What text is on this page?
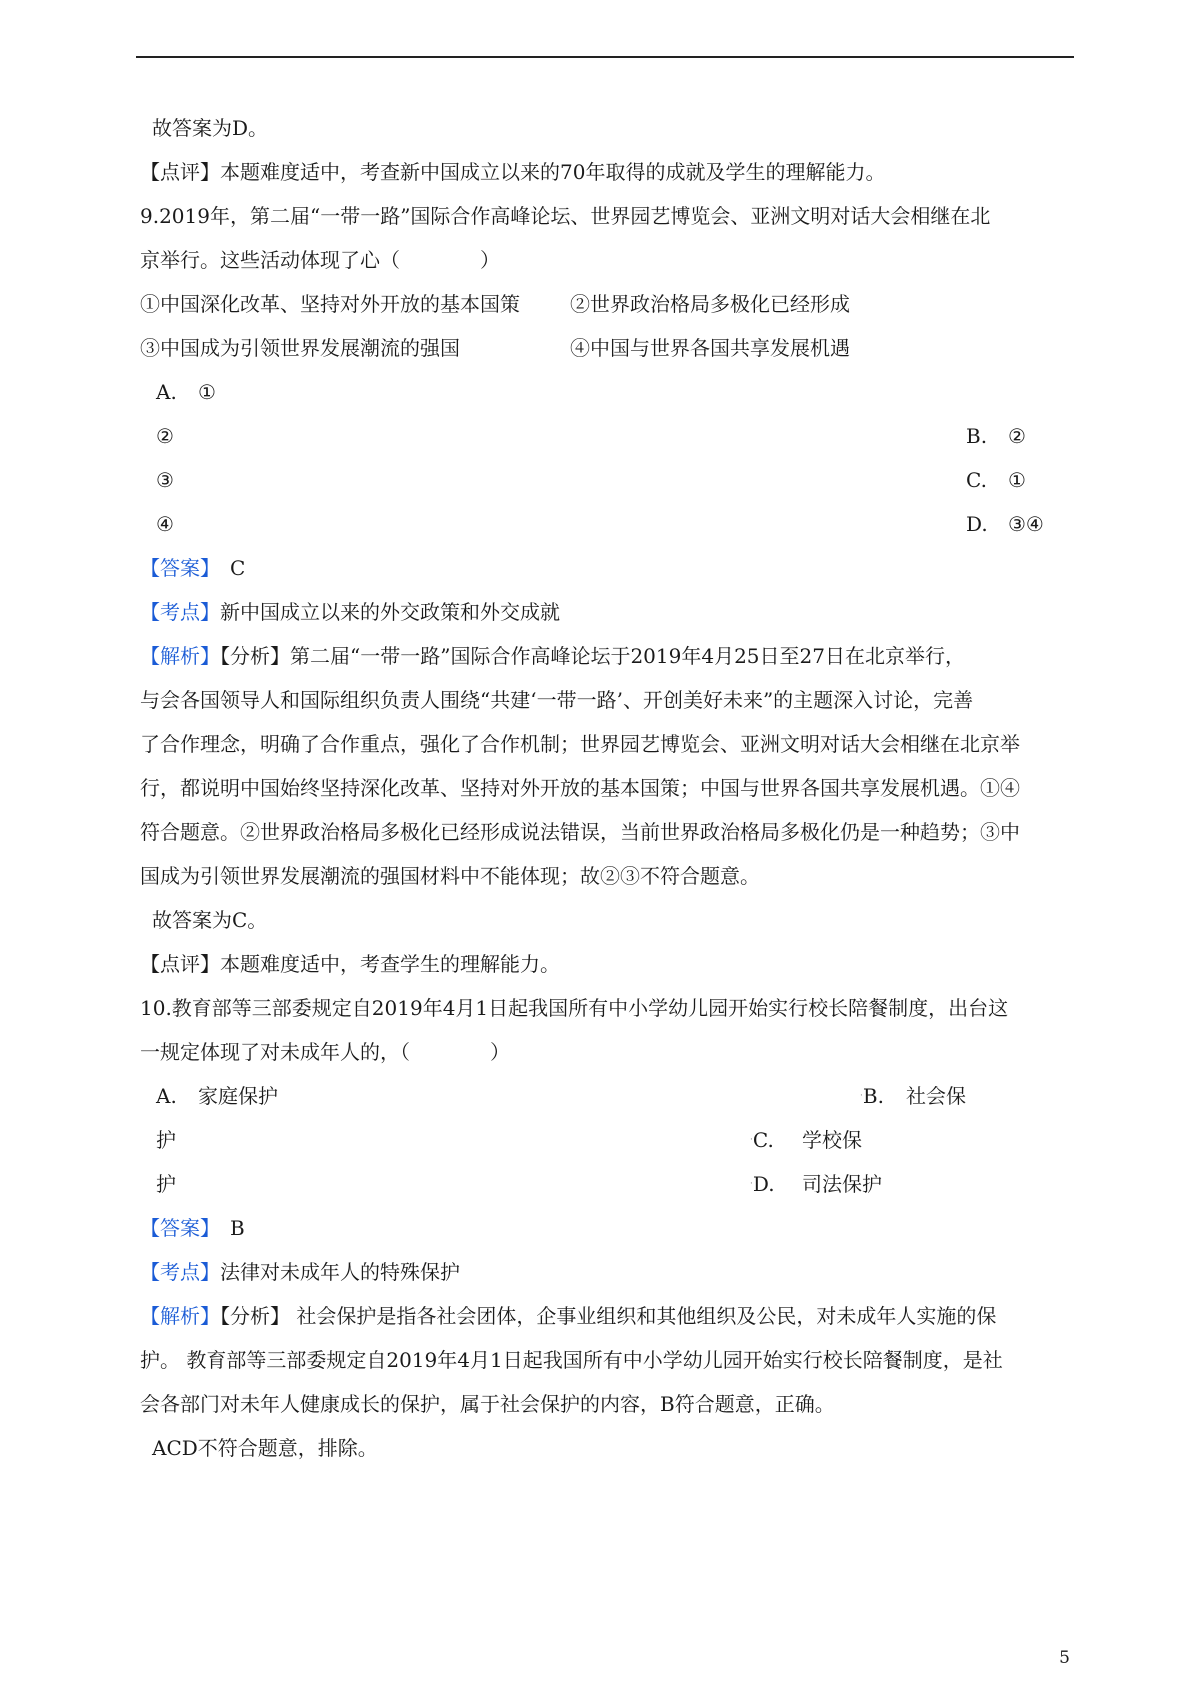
故答案为D。
【点评】本题难度适中，考查新中国成立以来的70年取得的成就及学生的理解能力。
9.2019年，第二届“一带一路”国际合作高峰论坛、世界园艺博览会、亚洲文明对话大会相继在北
京举行。这些活动体现了心（　　　　）
①中国深化改革、坚持对外开放的基本国策	②世界政治格局多极化已经形成
③中国成为引领世界发展潮流的强国	④中国与世界各国共享发展机遇
A. ①
②
③
④
B. ②
C. ①
D. ③④
【答案】 C
【考点】新中国成立以来的外交政策和外交成就
【解析】【分析】第二届“一带一路”国际合作高峰论坛于2019年4月25日至27日在北京举行，
与会各国领导人和国际组织负责人围绕“共建‘一带一路’、开创美好未来”的主题深入讨论，完善
了合作理念，明确了合作重点，强化了合作机制；世界园艺博览会、亚洲文明对话大会相继在北京举
行，都说明中国始终坚持深化改革、坚持对外开放的基本国策；中国与世界各国共享发展机遇。①④
符合题意。②世界政治格局多极化已经形成说法错误，当前世界政治格局多极化仍是一种趋势；③中
国成为引领世界发展潮流的强国材料中不能体现；故②③不符合题意。
故答案为C。
【点评】本题难度适中，考查学生的理解能力。
10.教育部等三部委规定自2019年4月1日起我国所有中小学幼儿园开始实行校长陪餐制度，出台这
一规定体现了对未成年人的，（　　　　）
A. 家庭保护
护
护
·B. 社会保
·C. 学校保
·D. 司法保护
【答案】 B
【考点】法律对未成年人的特殊保护
【解析】【分析】 社会保护是指各社会团体，企事业组织和其他组织及公民，对未成年人实施的保
护。 教育部等三部委规定自2019年4月1日起我国所有中小学幼儿园开始实行校长陪餐制度，是社
会各部门对未年人健康成长的保护，属于社会保护的内容，B符合题意，正确。
ACD不符合题意，排除。
5
